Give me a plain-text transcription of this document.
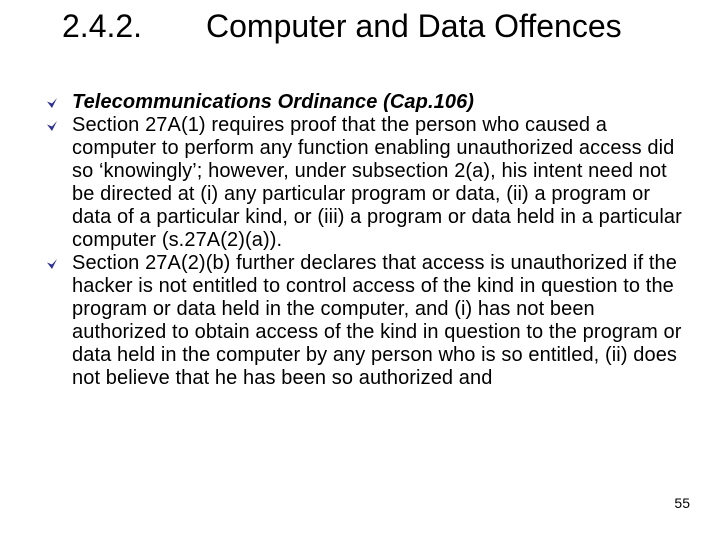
2.4.2. Computer and Data Offences
Telecommunications Ordinance (Cap.106)
Section 27A(1) requires proof that the person who caused a computer to perform any function enabling unauthorized access did so ‘knowingly’; however, under subsection 2(a), his intent need not be directed at (i) any particular program or data, (ii) a program or data of a particular kind, or (iii) a program or data held in a particular computer (s.27A(2)(a)).
Section 27A(2)(b) further declares that access is unauthorized if the hacker is not entitled to control access of the kind in question to the program or data held in the computer, and (i) has not been authorized to obtain access of the kind in question to the program or data held in the computer by any person who is so entitled, (ii) does not believe that he has been so authorized and
55
